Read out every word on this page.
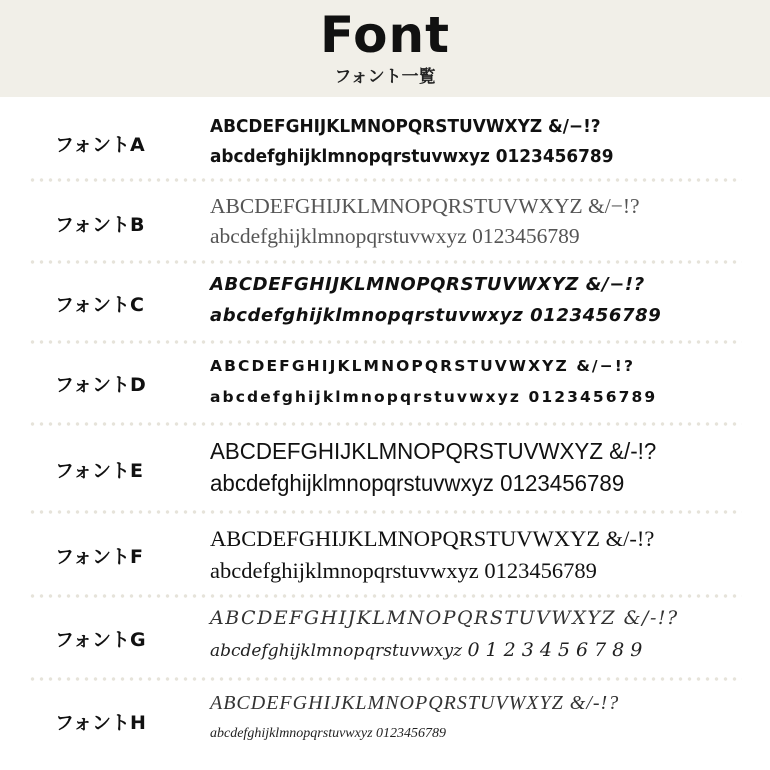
Font
フォント一覧
フォントA
ABCDEFGHIJKLMNOPQRSTUVWXYZ &/−!?
abcdefghijklmnopqrstuvwxyz 0123456789
フォントB
ABCDEFGHIJKLMNOPQRSTUVWXYZ &/−!?
abcdefghijklmnopqrstuvwxyz 0123456789
フォントC
ABCDEFGHIJKLMNOPQRSTUVWXYZ &/−!?
abcdefghijklmnopqrstuvwxyz 0123456789
フォントD
ABCDEFGHIJKLMNOPQRSTUVWXYZ &/−!?
abcdefghijklmnopqrstuvwxyz 0123456789
フォントE
ABCDEFGHIJKLMNOPQRSTUVWXYZ &/-!?
abcdefghijklmnopqrstuvwxyz 0123456789
フォントF
ABCDEFGHIJKLMNOPQRSTUVWXYZ &/-!?
abcdefghijklmnopqrstuvwxyz 0123456789
フォントG
ABCDEFGHIJKLMNOPQRSTUVWXYZ &/-!?
abcdefghijklmnopqrstuvwxyz 0123456789
フォントH
ABCDEFGHIJKLMNOPQRSTUVWXYZ &/-!?
abcdefghijklmnopqrstuvwxyz 0123456789
